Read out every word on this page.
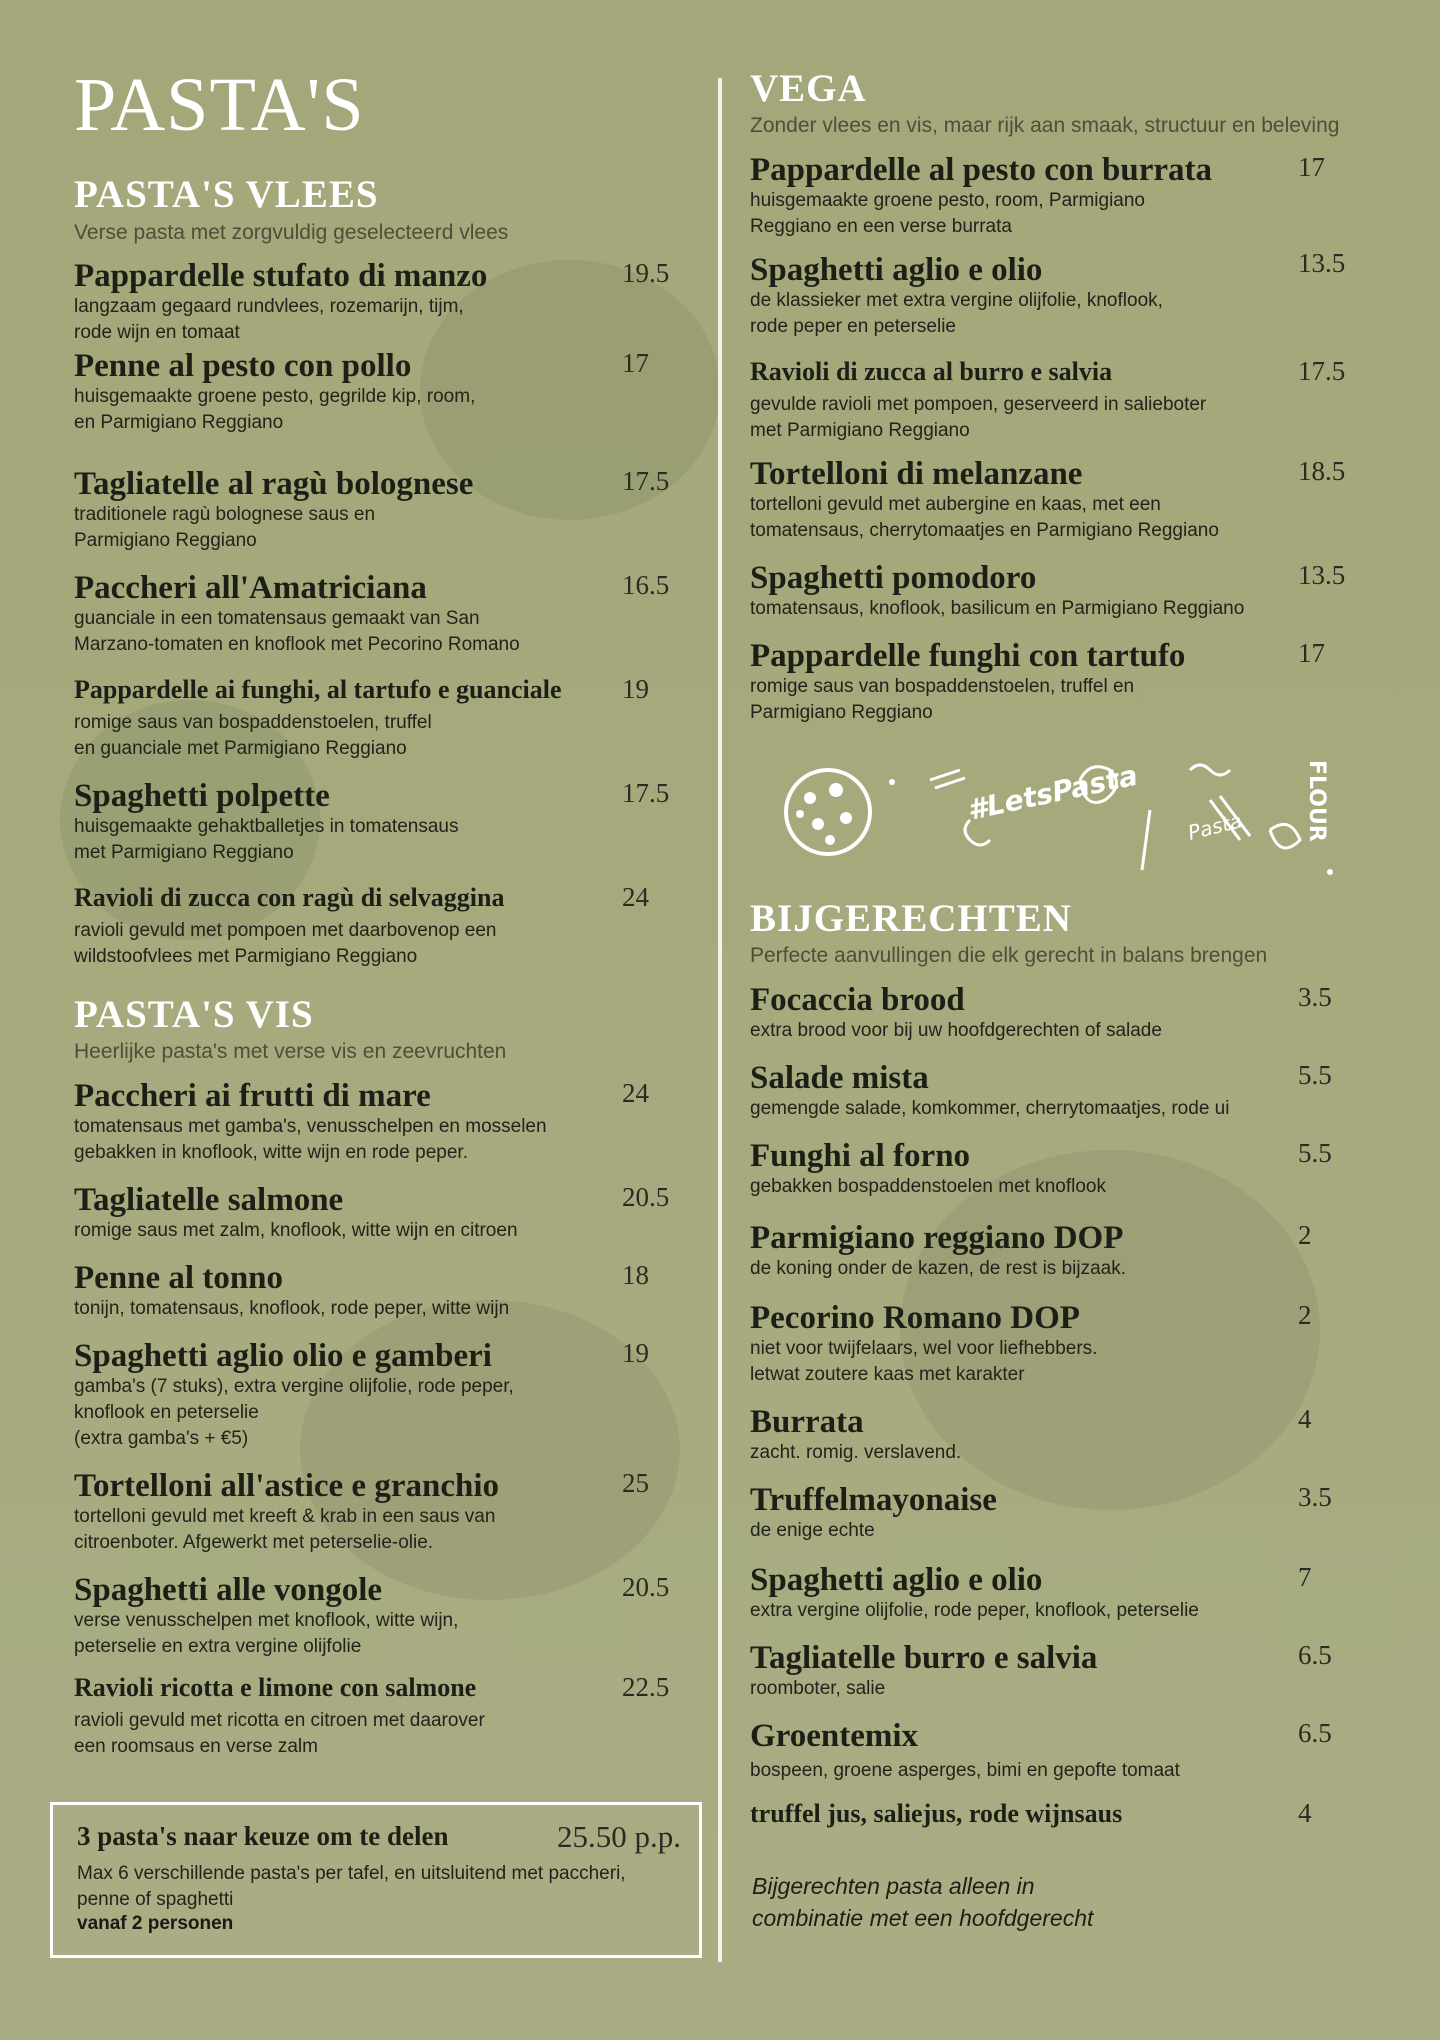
PASTA'S
PASTA'S VLEES
Verse pasta met zorgvuldig geselecteerd vlees
Pappardelle stufato di manzo
langzaam gegaard rundvlees, rozemarijn, tijm,
rode wijn en tomaat
19.5
Penne al pesto con pollo
huisgemaakte groene pesto, gegrilde kip, room,
en Parmigiano Reggiano
17
Tagliatelle al ragù bolognese
traditionele ragù bolognese saus en
Parmigiano Reggiano
17.5
Paccheri all'Amatriciana
guanciale in een tomatensaus gemaakt van San
Marzano-tomaten en knoflook met Pecorino Romano
16.5
Pappardelle ai funghi, al tartufo e guanciale
romige saus van bospaddenstoelen, truffel
en guanciale met Parmigiano Reggiano
19
Spaghetti polpette
huisgemaakte gehaktballetjes in tomatensaus
met Parmigiano Reggiano
17.5
Ravioli di zucca con ragù di selvaggina
ravioli gevuld met pompoen met daarbovenop een
wildstoofvlees met Parmigiano Reggiano
24
PASTA'S VIS
Heerlijke pasta's met verse vis en zeevruchten
Paccheri ai frutti di mare
tomatensaus met gamba's, venusschelpen en mosselen
gebakken in knoflook, witte wijn en rode peper.
24
Tagliatelle salmone
romige saus met zalm, knoflook, witte wijn en citroen
20.5
Penne al tonno
tonijn, tomatensaus, knoflook, rode peper, witte wijn
18
Spaghetti aglio olio e gamberi
gamba's (7 stuks), extra vergine olijfolie, rode peper,
knoflook en peterselie
(extra gamba's + €5)
19
Tortelloni all'astice e granchio
tortelloni gevuld met kreeft & krab in een saus van
citroenboter. Afgewerkt met peterselie-olie.
25
Spaghetti alle vongole
verse venusschelpen met knoflook, witte wijn,
peterselie en extra vergine olijfolie
20.5
Ravioli ricotta e limone con salmone
ravioli gevuld met ricotta en citroen met daarover
een roomsaus en verse zalm
22.5
3 pasta's naar keuze om te delen	25.50 p.p.
Max 6 verschillende pasta's per tafel, en uitsluitend met paccheri, penne of spaghetti
vanaf 2 personen
VEGA
Zonder vlees en vis, maar rijk aan smaak, structuur en beleving
Pappardelle al pesto con burrata
huisgemaakte groene pesto, room, Parmigiano
Reggiano en een verse burrata
17
Spaghetti aglio e olio
de klassieker met extra vergine olijfolie, knoflook,
rode peper en peterselie
13.5
Ravioli di zucca al burro e salvia
gevulde ravioli met pompoen, geserveerd in salieboter
met Parmigiano Reggiano
17.5
Tortelloni di melanzane
tortelloni gevuld met aubergine en kaas, met een
tomatensaus, cherrytomaatjes en Parmigiano Reggiano
18.5
Spaghetti pomodoro
tomatensaus, knoflook, basilicum en Parmigiano Reggiano
13.5
Pappardelle funghi con tartufo
romige saus van bospaddenstoelen, truffel en
Parmigiano Reggiano
17
#LetsPasta Pasta	FLOUR
BIJGERECHTEN
Perfecte aanvullingen die elk gerecht in balans brengen
Focaccia brood
extra brood voor bij uw hoofdgerechten of salade
3.5
Salade mista
gemengde salade, komkommer, cherrytomaatjes, rode ui
5.5
Funghi al forno
gebakken bospaddenstoelen met knoflook
5.5
Parmigiano reggiano DOP
de koning onder de kazen, de rest is bijzaak.
2
Pecorino Romano DOP
niet voor twijfelaars, wel voor liefhebbers.
letwat zoutere kaas met karakter
2
Burrata
zacht. romig. verslavend.
4
Truffelmayonaise
de enige echte
3.5
Spaghetti aglio e olio
extra vergine olijfolie, rode peper, knoflook, peterselie
7
Tagliatelle burro e salvia
roomboter, salie
6.5
Groentemix
bospeen, groene asperges, bimi en gepofte tomaat
6.5
truffel jus, saliejus, rode wijnsaus	4
Bijgerechten pasta alleen in
combinatie met een hoofdgerecht
